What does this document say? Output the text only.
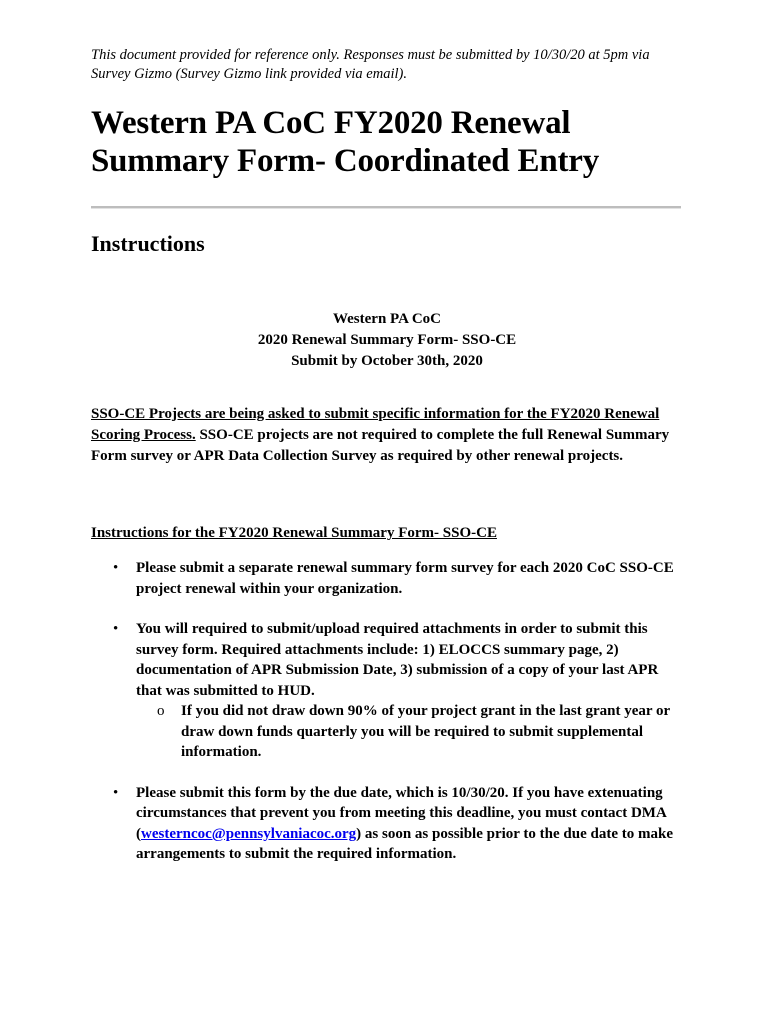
This document provided for reference only. Responses must be submitted by 10/30/20 at 5pm via Survey Gizmo (Survey Gizmo link provided via email).

Western PA CoC FY2020 Renewal Summary Form- Coordinated Entry
Instructions
Western PA CoC
2020 Renewal Summary Form- SSO-CE
Submit by October 30th, 2020

SSO-CE Projects are being asked to submit specific information for the FY2020 Renewal Scoring Process. SSO-CE projects are not required to complete the full Renewal Summary Form survey or APR Data Collection Survey as required by other renewal projects.

Instructions for the FY2020 Renewal Summary Form- SSO-CE

• Please submit a separate renewal summary form survey for each 2020 CoC SSO-CE project renewal within your organization.
• You will required to submit/upload required attachments in order to submit this survey form. Required attachments include: 1) ELOCCS summary page, 2) documentation of APR Submission Date, 3) submission of a copy of your last APR that was submitted to HUD.
o If you did not draw down 90% of your project grant in the last grant year or draw down funds quarterly you will be required to submit supplemental information.
• Please submit this form by the due date, which is 10/30/20. If you have extenuating circumstances that prevent you from meeting this deadline, you must contact DMA (westerncoc@pennsylvaniacoc.org) as soon as possible prior to the due date to make arrangements to submit the required information.
